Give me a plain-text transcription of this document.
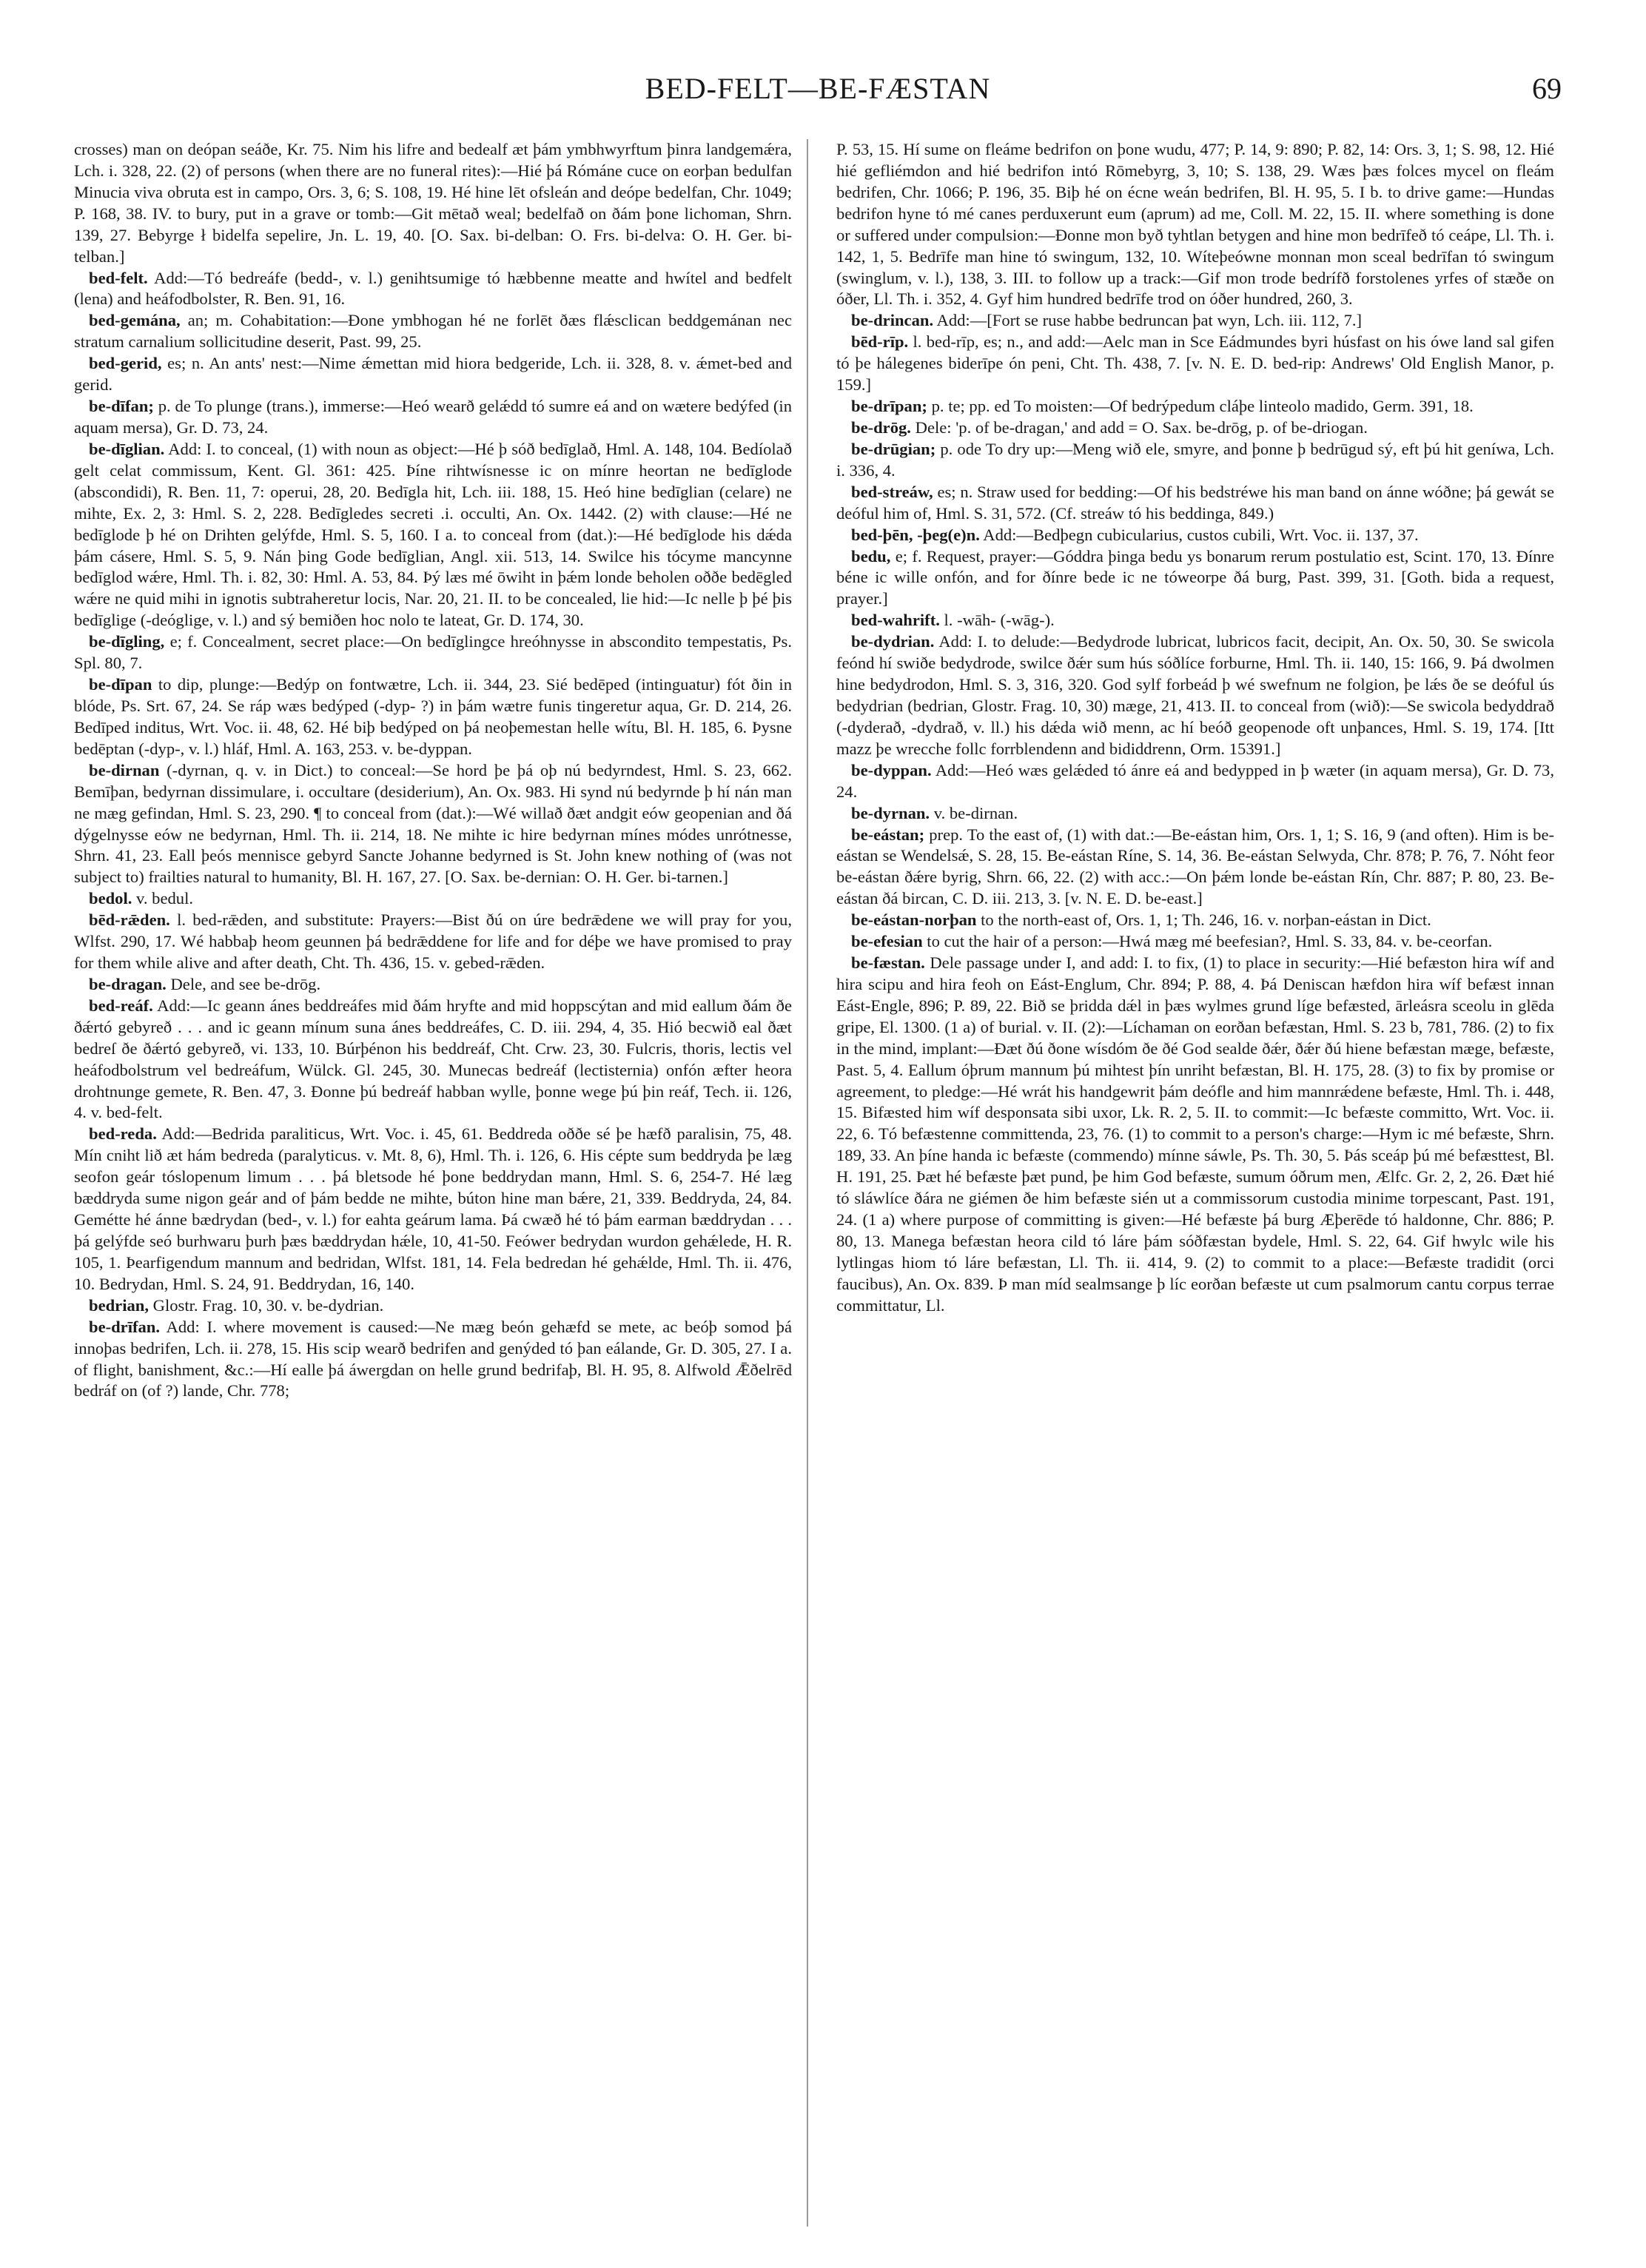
BED-FELT—BE-FÆSTAN	69

crosses) man on deópan seáðe, Kr. 75. Nim his lifre and bedealf æt þám ymbhwyrftum þinra landgemǽra, Lch. i. 328, 22. (2) of persons (when there are no funeral rites):—Hié þá Rómáne cuce on eorþan bedulfan Minucia viva obruta est in campo, Ors. 3, 6; S. 108, 19. Hé hine lēt ofsleán and deópe bedelfan, Chr. 1049; P. 168, 38. IV. to bury, put in a grave or tomb:—Git mētað weal; bedelfað on ðám þone lichoman, Shrn. 139, 27. Bebyrge ł bidelfa sepelire, Jn. L. 19, 40. [O. Sax. bi-delban: O. Frs. bi-delva: O. H. Ger. bi-telban.]

bed-felt. Add:—Tó bedreáfe (bedd-, v. l.) genihtsumige tó hæbbenne meatte and hwítel and bedfelt (lena) and heáfodbolster, R. Ben. 91, 16.

bed-gemána, an; m. Cohabitation:—Ðone ymbhogan hé ne forlēt ðæs flǽsclican beddgemánan nec stratum carnalium sollicitudine deserit, Past. 99, 25.

bed-gerid, es; n. An ants' nest:—Nime ǽmettan mid hiora bedgeride, Lch. ii. 328, 8. v. ǽmet-bed and gerid.

be-dīfan; p. de To plunge (trans.), immerse:—Heó wearð gelǽdd tó sumre eá and on wætere bedýfed (in aquam mersa), Gr. D. 73, 24.

be-dīglian. Add: I. to conceal, (1) with noun as object:—Hé þ sóð bedīglað, Hml. A. 148, 104. Bedíolað gelt celat commissum, Kent. Gl. 361: 425. Þíne rihtwísnesse ic on mínre heortan ne bedīglode (abscondidi), R. Ben. 11, 7: operui, 28, 20. Bedīgla hit, Lch. iii. 188, 15. Heó hine bedīglian (celare) ne mihte, Ex. 2, 3: Hml. S. 2, 228. Bedīgledes secreti .i. occulti, An. Ox. 1442. (2) with clause:—Hé ne bedīglode þ hé on Drihten gelýfde, Hml. S. 5, 160. I a. to conceal from (dat.):—Hé bedīglode his dǽda þám cásere, Hml. S. 5, 9. Nán þing Gode bedīglian, Angl. xii. 513, 14. Swilce his tócyme mancynne bedīglod wǽre, Hml. Th. i. 82, 30: Hml. A. 53, 84. Þý læs mé ōwiht in þǽm londe beholen oððe bedēgled wǽre ne quid mihi in ignotis subtraheretur locis, Nar. 20, 21. II. to be concealed, lie hid:—Ic nelle þ þé þis bedīglige (-deóglige, v. l.) and sý bemiðen hoc nolo te lateat, Gr. D. 174, 30.

be-dīgling, e; f. Concealment, secret place:—On bedīglingce hreóhnysse in abscondito tempestatis, Ps. Spl. 80, 7.

be-dīpan to dip, plunge:—Bedýp on fontwætre, Lch. ii. 344, 23. Sié bedēped (intinguatur) fót ðin in blóde, Ps. Srt. 67, 24. Se ráp wæs bedýped (-dyp- ?) in þám wætre funis tingeretur aqua, Gr. D. 214, 26. Bedīped inditus, Wrt. Voc. ii. 48, 62. Hé biþ bedýped on þá neoþemestan helle wítu, Bl. H. 185, 6. Þysne bedēptan (-dyp-, v. l.) hláf, Hml. A. 163, 253. v. be-dyppan.

be-dirnan (-dyrnan, q. v. in Dict.) to conceal:—Se hord þe þá oþ nú bedyrndest, Hml. S. 23, 662. Bemīþan, bedyrnan dissimulare, i. occultare (desiderium), An. Ox. 983. Hi synd nú bedyrnde þ hí nán man ne mæg gefindan, Hml. S. 23, 290. ¶ to conceal from (dat.):—Wé willað ðæt andgit eów geopenian and ðá dýgelnysse eów ne bedyrnan, Hml. Th. ii. 214, 18. Ne mihte ic hire bedyrnan mínes módes unrótnesse, Shrn. 41, 23. Eall þeós mennisce gebyrd Sancte Johanne bedyrned is St. John knew nothing of (was not subject to) frailties natural to humanity, Bl. H. 167, 27. [O. Sax. be-dernian: O. H. Ger. bi-tarnen.]

bedol. v. bedul.

bēd-rǣden. l. bed-rǣden, and substitute: Prayers:—Bist ðú on úre bedrǣdene we will pray for you, Wlfst. 290, 17. Wé habbaþ heom geunnen þá bedrǣddene for life and for déþe we have promised to pray for them while alive and after death, Cht. Th. 436, 15. v. gebed-rǣden.

be-dragan. Dele, and see be-drōg.

bed-reáf. Add:—Ic geann ánes beddreáfes mid ðám hryfte and mid hoppscýtan and mid eallum ðám ðe ðǽrtó gebyreð . . . and ic geann mínum suna ánes beddreáfes, C. D. iii. 294, 4, 35. Hió becwið eal ðæt bedreſ ðe ðǽrtó gebyreð, vi. 133, 10. Búrþénon his beddreáf, Cht. Crw. 23, 30. Fulcris, thoris, lectis vel heáfodbolstrum vel bedreáfum, Wülck. Gl. 245, 30. Munecas bedreáf (lectisternia) onfón æfter heora drohtnunge gemete, R. Ben. 47, 3. Ðonne þú bedreáf habban wylle, þonne wege þú þin reáf, Tech. ii. 126, 4. v. bed-felt.

bed-reda. Add:—Bedrida paraliticus, Wrt. Voc. i. 45, 61. Beddreda oððe sé þe hæfð paralisin, 75, 48. Mín cniht lið æt hám bedreda (paralyticus. v. Mt. 8, 6), Hml. Th. i. 126, 6. His cépte sum beddryda þe læg seofon geár tóslopenum limum . . . þá bletsode hé þone beddrydan mann, Hml. S. 6, 254-7. Hé læg bæddryda sume nigon geár and of þám bedde ne mihte, búton hine man bǽre, 21, 339. Beddryda, 24, 84. Gemétte hé ánne bædrydan (bed-, v. l.) for eahta geárum lama. Þá cwæð hé tó þám earman bæddrydan . . . þá gelýfde seó burhwaru þurh þæs bæddrydan hǽle, 10, 41-50. Feówer bedrydan wurdon gehǽlede, H. R. 105, 1. Þearfigendum mannum and bedridan, Wlfst. 181, 14. Fela bedredan hé gehǽlde, Hml. Th. ii. 476, 10. Bedrydan, Hml. S. 24, 91. Beddrydan, 16, 140.

bedrian, Glostr. Frag. 10, 30. v. be-dydrian.

be-drīfan. Add: I. where movement is caused:—Ne mæg beón gehæfd se mete, ac beóþ somod þá innoþas bedrifen, Lch. ii. 278, 15. His scip wearð bedrifen and genýded tó þan eálande, Gr. D. 305, 27. I a. of flight, banishment, &c.:—Hí ealle þá áwergdan on helle grund bedrifaþ, Bl. H. 95, 8. Alfwold Ǣðelrēd bedráf on (of ?) lande, Chr. 778;

P. 53, 15. Hí sume on fleáme bedrifon on þone wudu, 477; P. 14, 9: 890; P. 82, 14: Ors. 3, 1; S. 98, 12. Hié hié gefliémdon and hié bedrifon intó Rōmebyrg, 3, 10; S. 138, 29. Wæs þæs folces mycel on fleám bedrifen, Chr. 1066; P. 196, 35. Biþ hé on écne weán bedrifen, Bl. H. 95, 5. I b. to drive game:—Hundas bedrifon hyne tó mé canes perduxerunt eum (aprum) ad me, Coll. M. 22, 15. II. where something is done or suffered under compulsion:—Ðonne mon byð tyhtlan betygen and hine mon bedrīfeð tó ceápe, Ll. Th. i. 142, 1, 5. Bedrīfe man hine tó swingum, 132, 10. Wíteþeówne monnan mon sceal bedrīfan tó swingum (swinglum, v. l.), 138, 3. III. to follow up a track:—Gif mon trode bedrífð forstolenes yrfes of stæðe on óðer, Ll. Th. i. 352, 4. Gyf him hundred bedrīfe trod on óðer hundred, 260, 3.

be-drincan. Add:—[Fort se ruse habbe bedruncan þat wyn, Lch. iii. 112, 7.]

bēd-rīp. l. bed-rīp, es; n., and add:—Aelc man in Sce Eádmundes byri húsfast on his ówe land sal gifen tó þe hálegenes biderīpe ón peni, Cht. Th. 438, 7. [v. N. E. D. bed-rip: Andrews' Old English Manor, p. 159.]

be-drīpan; p. te; pp. ed To moisten:—Of bedrýpedum cláþe linteolo madido, Germ. 391, 18.

be-drōg. Dele: 'p. of be-dragan,' and add = O. Sax. be-drōg, p. of be-driogan.

be-drūgian; p. ode To dry up:—Meng wið ele, smyre, and þonne þ bedrūgud sý, eft þú hit geníwa, Lch. i. 336, 4.

bed-streáw, es; n. Straw used for bedding:—Of his bedstréwe his man band on ánne wóðne; þá gewát se deóful him of, Hml. S. 31, 572. (Cf. streáw tó his beddinga, 849.)

bed-þēn, -þeg(e)n. Add:—Bedþegn cubicularius, custos cubili, Wrt. Voc. ii. 137, 37.

bedu, e; f. Request, prayer:—Góddra þinga bedu ys bonarum rerum postulatio est, Scint. 170, 13. Ðínre béne ic wille onfón, and for ðínre bede ic ne tóweorpe ðá burg, Past. 399, 31. [Goth. bida a request, prayer.]

bed-wahrift. l. -wāh- (-wāg-).

be-dydrian. Add: I. to delude:—Bedydrode lubricat, lubricos facit, decipit, An. Ox. 50, 30. Se swicola feónd hí swiðe bedydrode, swilce ðǽr sum hús sóðlíce forburne, Hml. Th. ii. 140, 15: 166, 9. Þá dwolmen hine bedydrodon, Hml. S. 3, 316, 320. God sylf forbeád þ wé swefnum ne folgion, þe lǽs ðe se deóful ús bedydrian (bedrian, Glostr. Frag. 10, 30) mæge, 21, 413. II. to conceal from (wið):—Se swicola bedyddrað (-dyderað, -dydrað, v. ll.) his dǽda wið menn, ac hí beóð geopenode oft unþances, Hml. S. 19, 174. [Itt mazz þe wrecche follc forrblendenn and bididdrenn, Orm. 15391.]

be-dyppan. Add:—Heó wæs gelǽded tó ánre eá and bedypped in þ wæter (in aquam mersa), Gr. D. 73, 24.

be-dyrnan. v. be-dirnan.

be-eástan; prep. To the east of, (1) with dat.:—Be-eástan him, Ors. 1, 1; S. 16, 9 (and often). Him is be-eástan se Wendelsǽ, S. 28, 15. Be-eástan Ríne, S. 14, 36. Be-eástan Selwyda, Chr. 878; P. 76, 7. Nóht feor be-eástan ðǽre byrig, Shrn. 66, 22. (2) with acc.:—On þǽm londe be-eástan Rín, Chr. 887; P. 80, 23. Be-eástan ðá bircan, C. D. iii. 213, 3. [v. N. E. D. be-east.]

be-eástan-norþan to the north-east of, Ors. 1, 1; Th. 246, 16. v. norþan-eástan in Dict.

be-efesian to cut the hair of a person:—Hwá mæg mé beefesian?, Hml. S. 33, 84. v. be-ceorfan.

be-fæstan. Dele passage under I, and add: I. to fix, (1) to place in security:—Hié befæston hira wíf and hira scipu and hira feoh on Eást-Englum, Chr. 894; P. 88, 4. Þá Deniscan hæfdon hira wíf befæst innan Eást-Engle, 896; P. 89, 22. Bið se þridda dǽl in þæs wylmes grund líge befæsted, ārleásra sceolu in glēda gripe, El. 1300. (1 a) of burial. v. II. (2):—Líchaman on eorðan befæstan, Hml. S. 23 b, 781, 786. (2) to fix in the mind, implant:—Ðæt ðú ðone wísdóm ðe ðé God sealde ðǽr, ðǽr ðú hiene befæstan mæge, befæste, Past. 5, 4. Eallum óþrum mannum þú mihtest þín unriht befæstan, Bl. H. 175, 28. (3) to fix by promise or agreement, to pledge:—Hé wrát his handgewrit þám deófle and him mannrǽdene befæste, Hml. Th. i. 448, 15. Bifæsted him wíf desponsata sibi uxor, Lk. R. 2, 5. II. to commit:—Ic befæste committo, Wrt. Voc. ii. 22, 6. Tó befæstenne committenda, 23, 76. (1) to commit to a person's charge:—Hym ic mé befæste, Shrn. 189, 33. An þíne handa ic befæste (commendo) mínne sáwle, Ps. Th. 30, 5. Þás sceáp þú mé befæsttest, Bl. H. 191, 25. Þæt hé befæste þæt pund, þe him God befæste, sumum óðrum men, Ælfc. Gr. 2, 2, 26. Ðæt hié tó sláwlíce ðára ne giémen ðe him befæste sién ut a commissorum custodia minime torpescant, Past. 191, 24. (1 a) where purpose of committing is given:—Hé befæste þá burg Æþerēde tó haldonne, Chr. 886; P. 80, 13. Manega befæstan heora cild tó láre þám sóðfæstan bydele, Hml. S. 22, 64. Gif hwylc wile his lytlingas hiom tó láre befæstan, Ll. Th. ii. 414, 9. (2) to commit to a place:—Befæste tradidit (orci faucibus), An. Ox. 839. Þ man míd sealmsange þ líc eorðan befæste ut cum psalmorum cantu corpus terrae committatur, Ll.
